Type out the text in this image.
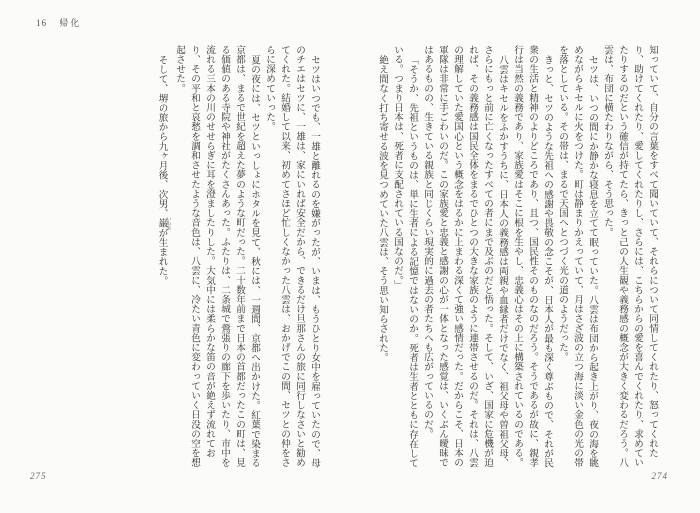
16 帰化

セツはいつでも、一雄と離れるのを嫌がったが、いまは、もうひとり女中を雇っていたので、母のチエはセツに、一雄は、家にいれば安全だから、できるだけ旦那さんの旅に同行しなさいと勧めてくれた。結婚して以来、初めてさほど忙しくなかった八雲は、おかげでこの間、セツとの仲をさらに深めていった。

夏の夜には、セツといっしょにホタルを見て、秋には、一週間、京都へ出かけた。紅葉で染まる京都は、まるで世紀を超えた夢のような町だった。二十数年前まで日本の首都だったこの町は、見る価値のある寺院や神社がたくさんあった。ふたりは、二条城で鶯張りの廊下を歩いたり、市中を流れる三本の川のせせらぎに耳を澄ましたりした。大気中には柔らかな笛の音が絶えず流れており、その平和と哀愁を調和させたような音色は、八雲に、冷たい青色に変わっていく日没の空を想起させた。

そして、堺の旅から九ヶ月後、次男、巌 いわおが生まれた。

275

知っていて、自分の言葉をすべて聞いていて、それらについて同情してくれたり、怒ってくれたり、助けてくれたり、愛してくれたりし、さらには、こちらからの愛を喜んでくれたり、求めていたりするのだという確信が持てたら、きっと己の人生観や義務感の概念が大きく変わるだろう。八雲は、布団に横たわりながら、そう思った。

セツは、いつの間にか静かな寝息を立てて眠っていた。八雲は布団から起き上がり、夜の海を眺めながらキセルに火をつけた。町は静まりかえっていて、月はさざ波の立つ海に淡い金色の光の帯を落としている。その帯は、まるで天国へとつづく光の道のようだった。

きっと、セツのような先祖への感謝や畏敬の念こそが、日本人が最も深く尊ぶもので、それが民衆の生活と精神のよりどころであり、且つ、国民性そのものなのだろう。そうであるが故に、親孝行は当然の義務であり、家族愛はそこに根を生やし、忠義心はその上に構築されているのである。

八雲はキセルをふかすうちに、日本人の義務感は両親や血縁者だけでなく、祖父母や曽祖父母、さらにもっと前に亡くなったすべての者にまで及ぶのだと悟った。そして、いざ、国家に危機が迫れば、その義務感は国民全体をまるでひとつの大きな家族のように連帯させるのだ。それは、八雲の理解していた愛国心という概念をはるかに上まわる深くて強い感情だった。だからこそ、日本の軍隊は非常に手ごわいのだ。この家族愛と忠義と感謝の心が一体となった感覚は、いくぶん曖昧ではあるものの、生きている親族と同じくらい現実的に過去の者たちへも広がっているのだ。

「そうか、先祖というものは、単に生者による記憶ではないのか。死者は生者とともに存在している。つまり日本は、死者に支配されている国なのだ。」

絶え間なく打ち寄せる波を見つめていた八雲は、そう思い知らされた。

274
